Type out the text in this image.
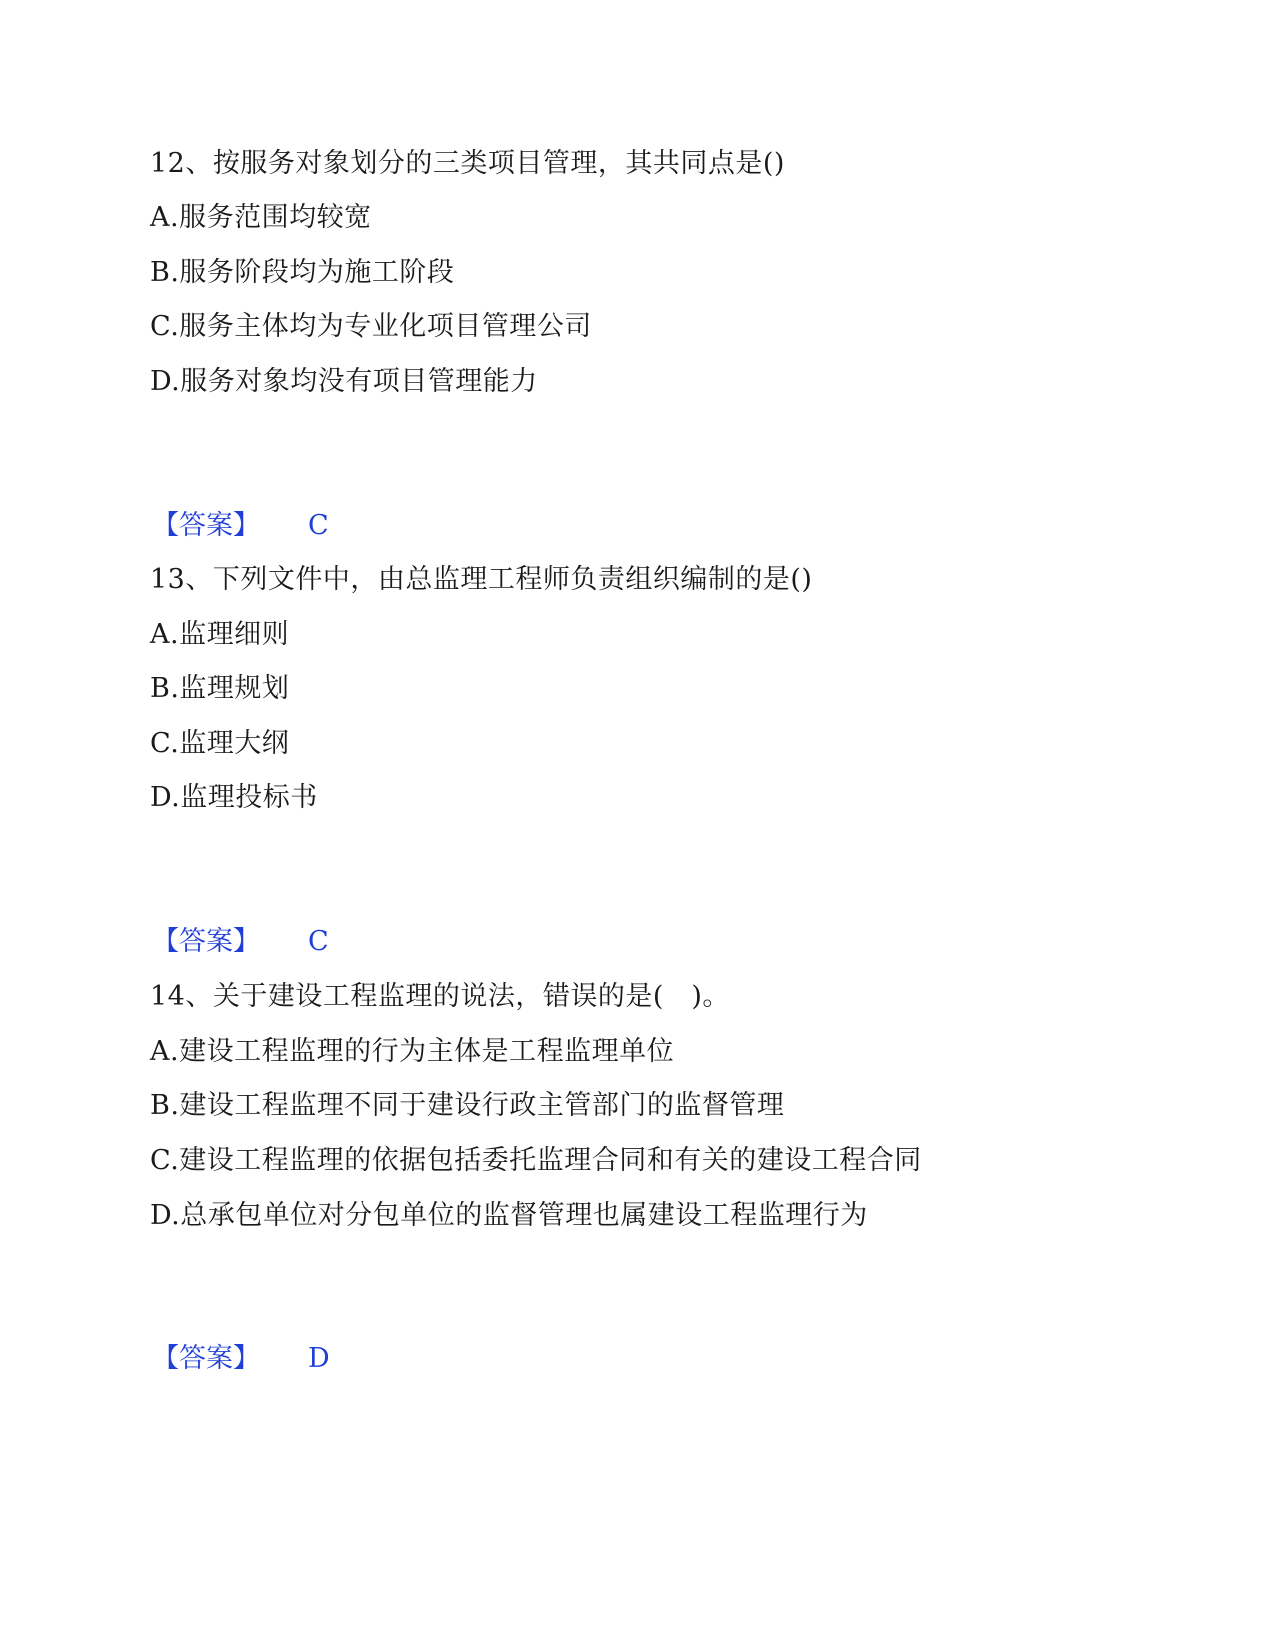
12、按服务对象划分的三类项目管理，其共同点是()
A.服务范围均较宽
B.服务阶段均为施工阶段
C.服务主体均为专业化项目管理公司
D.服务对象均没有项目管理能力
【答案】 C
13、下列文件中，由总监理工程师负责组织编制的是()
A.监理细则
B.监理规划
C.监理大纲
D.监理投标书
【答案】 C
14、关于建设工程监理的说法，错误的是(　)。
A.建设工程监理的行为主体是工程监理单位
B.建设工程监理不同于建设行政主管部门的监督管理
C.建设工程监理的依据包括委托监理合同和有关的建设工程合同
D.总承包单位对分包单位的监督管理也属建设工程监理行为
【答案】 D
